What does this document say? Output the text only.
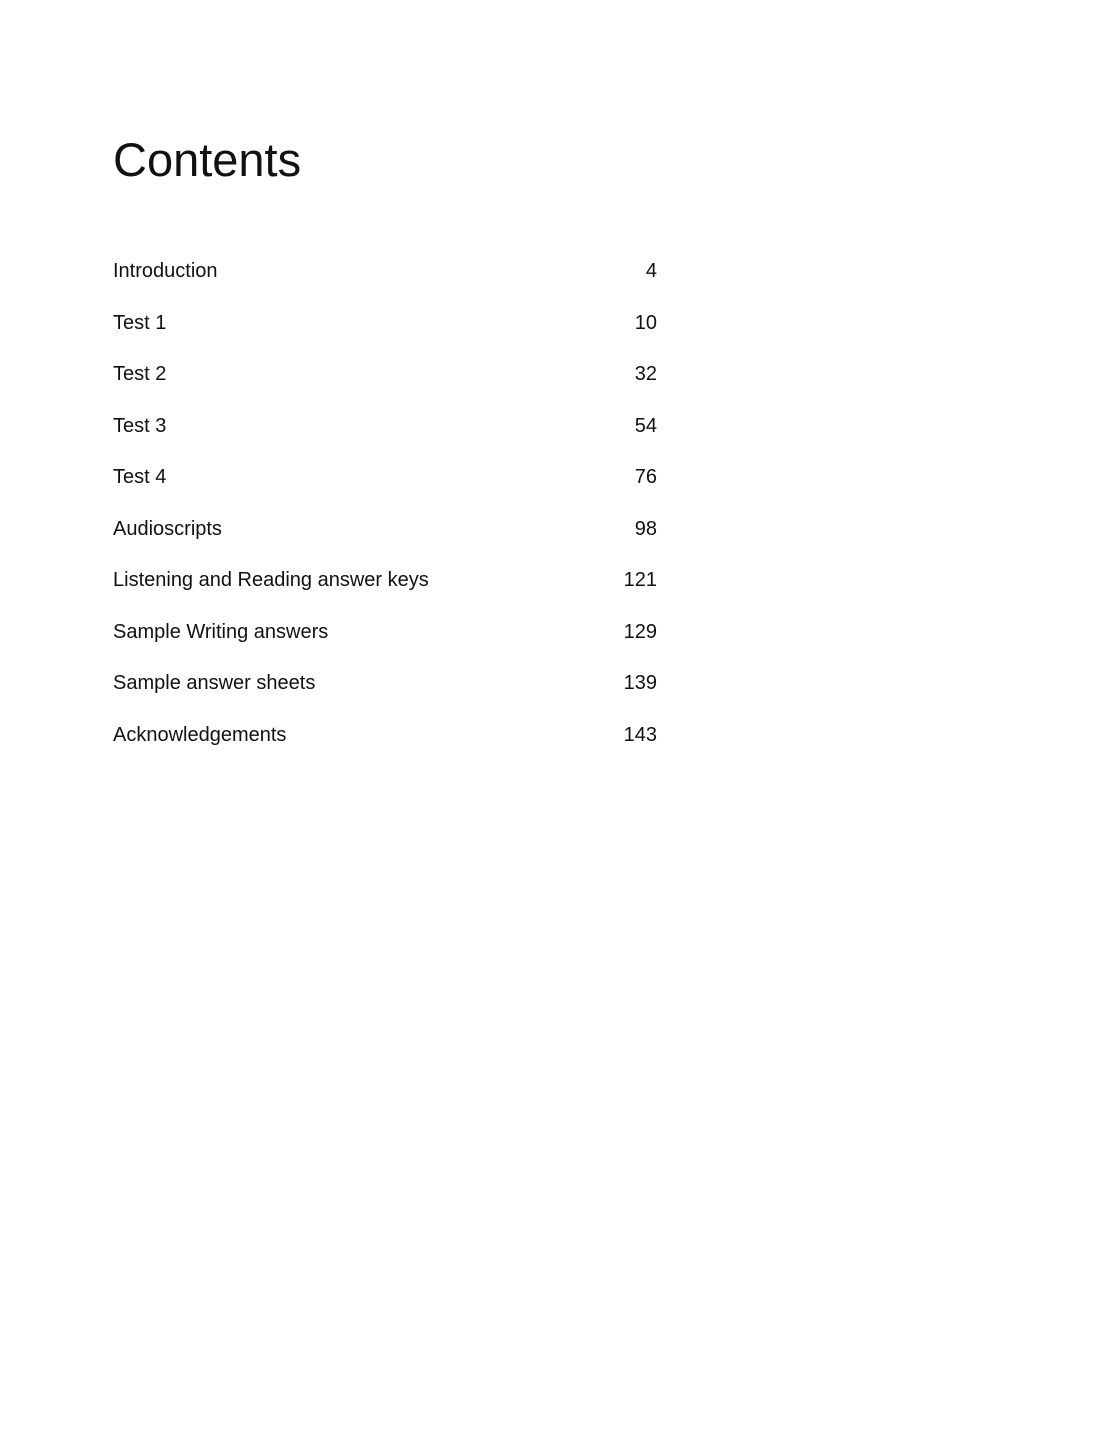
Contents
Introduction	4
Test 1	10
Test 2	32
Test 3	54
Test 4	76
Audioscripts	98
Listening and Reading answer keys	121
Sample Writing answers	129
Sample answer sheets	139
Acknowledgements	143
